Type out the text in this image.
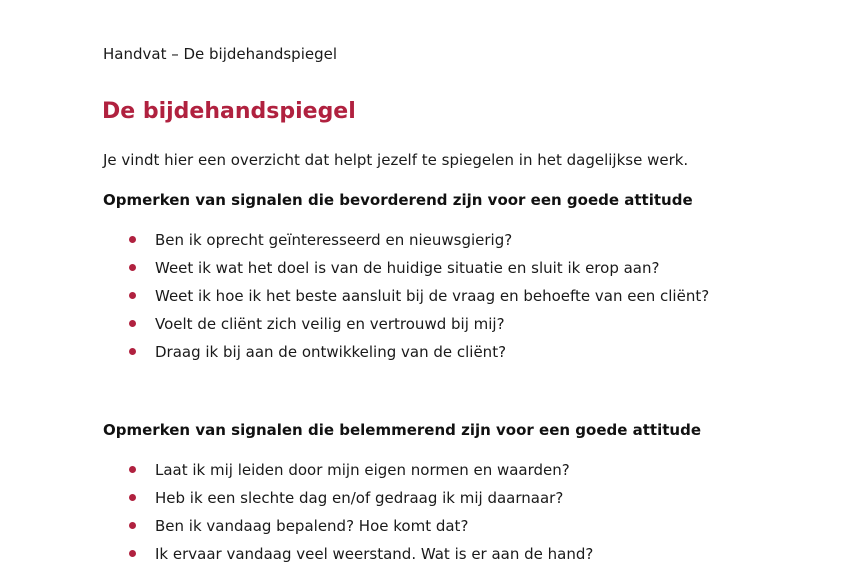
Handvat – De bijdehandspiegel
De bijdehandspiegel
Je vindt hier een overzicht dat helpt jezelf te spiegelen in het dagelijkse werk.
Opmerken van signalen die bevorderend zijn voor een goede attitude
Ben ik oprecht geïnteresseerd en nieuwsgierig?
Weet ik wat het doel is van de huidige situatie en sluit ik erop aan?
Weet ik hoe ik het beste aansluit bij de vraag en behoefte van een cliënt?
Voelt de cliënt zich veilig en vertrouwd bij mij?
Draag ik bij aan de ontwikkeling van de cliënt?
Opmerken van signalen die belemmerend zijn voor een goede attitude
Laat ik mij leiden door mijn eigen normen en waarden?
Heb ik een slechte dag en/of gedraag ik mij daarnaar?
Ben ik vandaag bepalend? Hoe komt dat?
Ik ervaar vandaag veel weerstand. Wat is er aan de hand?
